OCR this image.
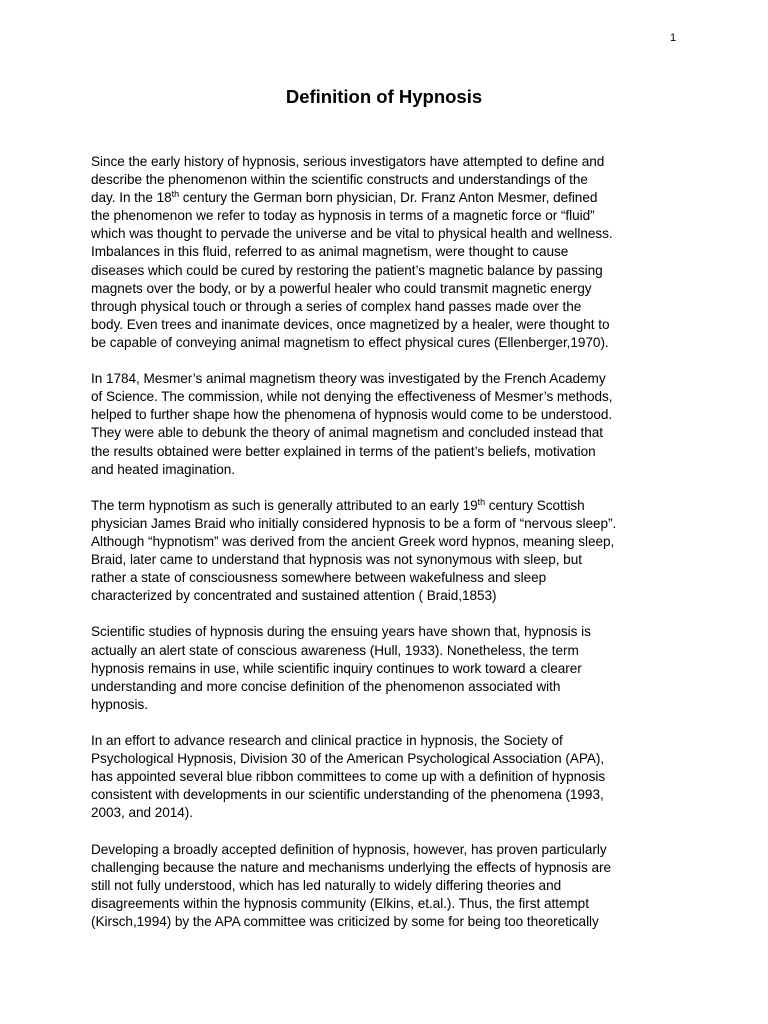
1
Definition of Hypnosis

Since the early history of hypnosis, serious investigators have attempted to define and
describe the phenomenon within the scientific constructs and understandings of the
day. In the 18th century the German born physician, Dr. Franz Anton Mesmer, defined
the phenomenon we refer to today as hypnosis in terms of a magnetic force or “fluid”
which was thought to pervade the universe and be vital to physical health and wellness.
Imbalances in this fluid, referred to as animal magnetism, were thought to cause
diseases which could be cured by restoring the patient’s magnetic balance by passing
magnets over the body, or by a powerful healer who could transmit magnetic energy
through physical touch or through a series of complex hand passes made over the
body. Even trees and inanimate devices, once magnetized by a healer, were thought to
be capable of conveying animal magnetism to effect physical cures (Ellenberger,1970).

In 1784, Mesmer’s animal magnetism theory was investigated by the French Academy
of Science. The commission, while not denying the effectiveness of Mesmer’s methods,
helped to further shape how the phenomena of hypnosis would come to be understood.
They were able to debunk the theory of animal magnetism and concluded instead that
the results obtained were better explained in terms of the patient’s beliefs, motivation
and heated imagination.

The term hypnotism as such is generally attributed to an early 19th century Scottish
physician James Braid who initially considered hypnosis to be a form of “nervous sleep”.
Although “hypnotism” was derived from the ancient Greek word hypnos, meaning sleep,
Braid, later came to understand that hypnosis was not synonymous with sleep, but
rather a state of consciousness somewhere between wakefulness and sleep
characterized by concentrated and sustained attention ( Braid,1853)

Scientific studies of hypnosis during the ensuing years have shown that, hypnosis is
actually an alert state of conscious awareness (Hull, 1933). Nonetheless, the term
hypnosis remains in use, while scientific inquiry continues to work toward a clearer
understanding and more concise definition of the phenomenon associated with
hypnosis.

In an effort to advance research and clinical practice in hypnosis, the Society of
Psychological Hypnosis, Division 30 of the American Psychological Association (APA),
has appointed several blue ribbon committees to come up with a definition of hypnosis
consistent with developments in our scientific understanding of the phenomena (1993,
2003, and 2014).

Developing a broadly accepted definition of hypnosis, however, has proven particularly
challenging because the nature and mechanisms underlying the effects of hypnosis are
still not fully understood, which has led naturally to widely differing theories and
disagreements within the hypnosis community (Elkins, et.al.). Thus, the first attempt
(Kirsch,1994) by the APA committee was criticized by some for being too theoretically
